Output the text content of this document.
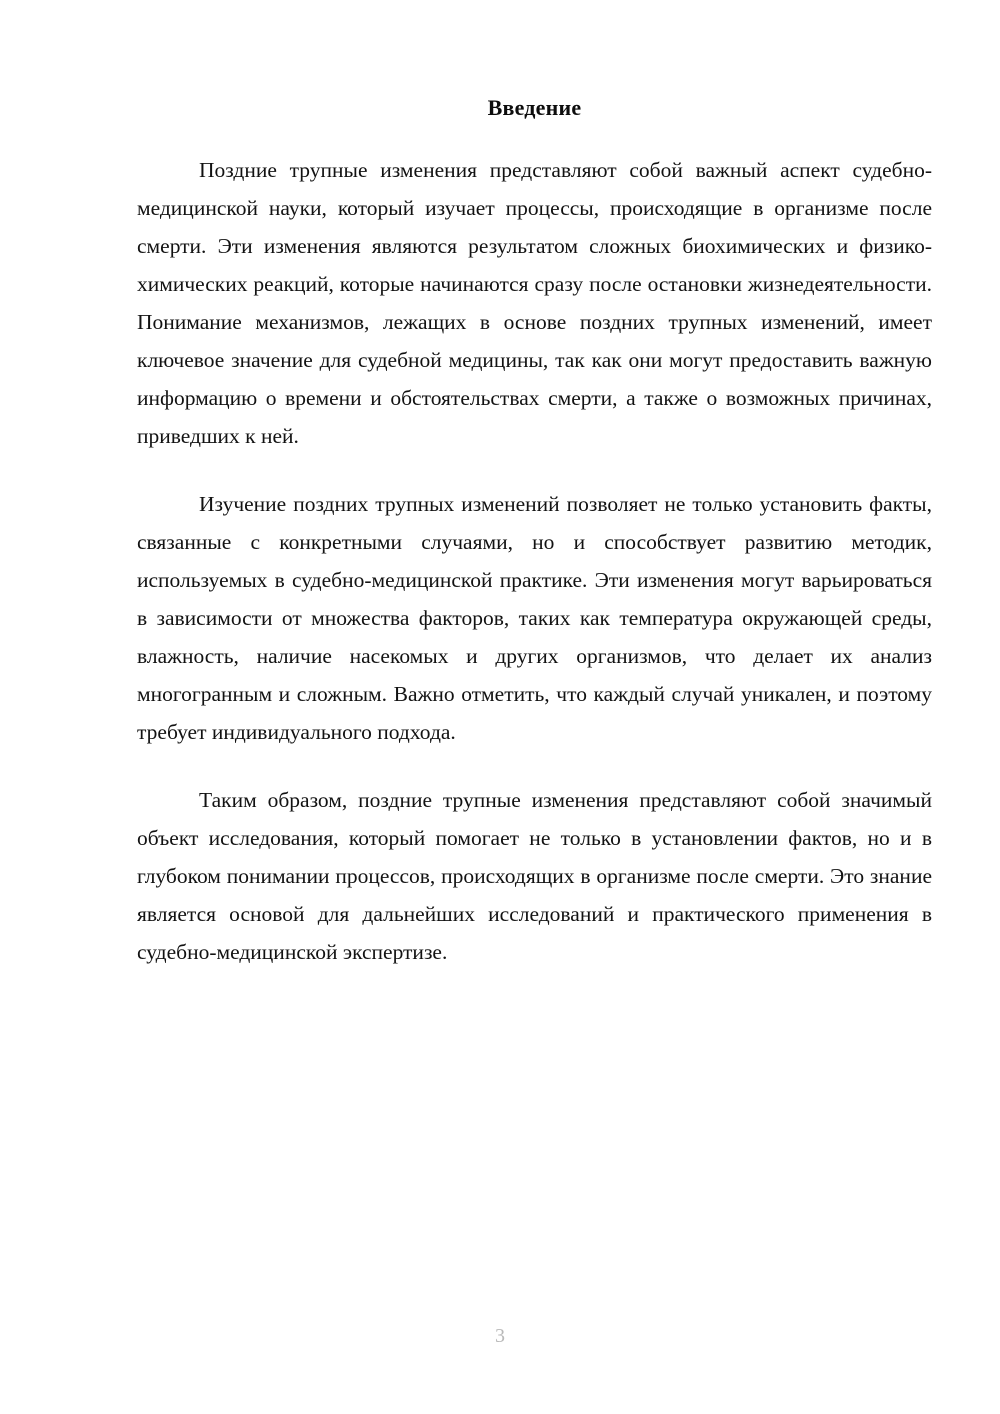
Введение

Поздние трупные изменения представляют собой важный аспект судебно-медицинской науки, который изучает процессы, происходящие в организме после смерти. Эти изменения являются результатом сложных биохимических и физико-химических реакций, которые начинаются сразу после остановки жизнедеятельности. Понимание механизмов, лежащих в основе поздних трупных изменений, имеет ключевое значение для судебной медицины, так как они могут предоставить важную информацию о времени и обстоятельствах смерти, а также о возможных причинах, приведших к ней.

Изучение поздних трупных изменений позволяет не только установить факты, связанные с конкретными случаями, но и способствует развитию методик, используемых в судебно-медицинской практике. Эти изменения могут варьироваться в зависимости от множества факторов, таких как температура окружающей среды, влажность, наличие насекомых и других организмов, что делает их анализ многогранным и сложным. Важно отметить, что каждый случай уникален, и поэтому требует индивидуального подхода.

Таким образом, поздние трупные изменения представляют собой значимый объект исследования, который помогает не только в установлении фактов, но и в глубоком понимании процессов, происходящих в организме после смерти. Это знание является основой для дальнейших исследований и практического применения в судебно-медицинской экспертизе.

3
